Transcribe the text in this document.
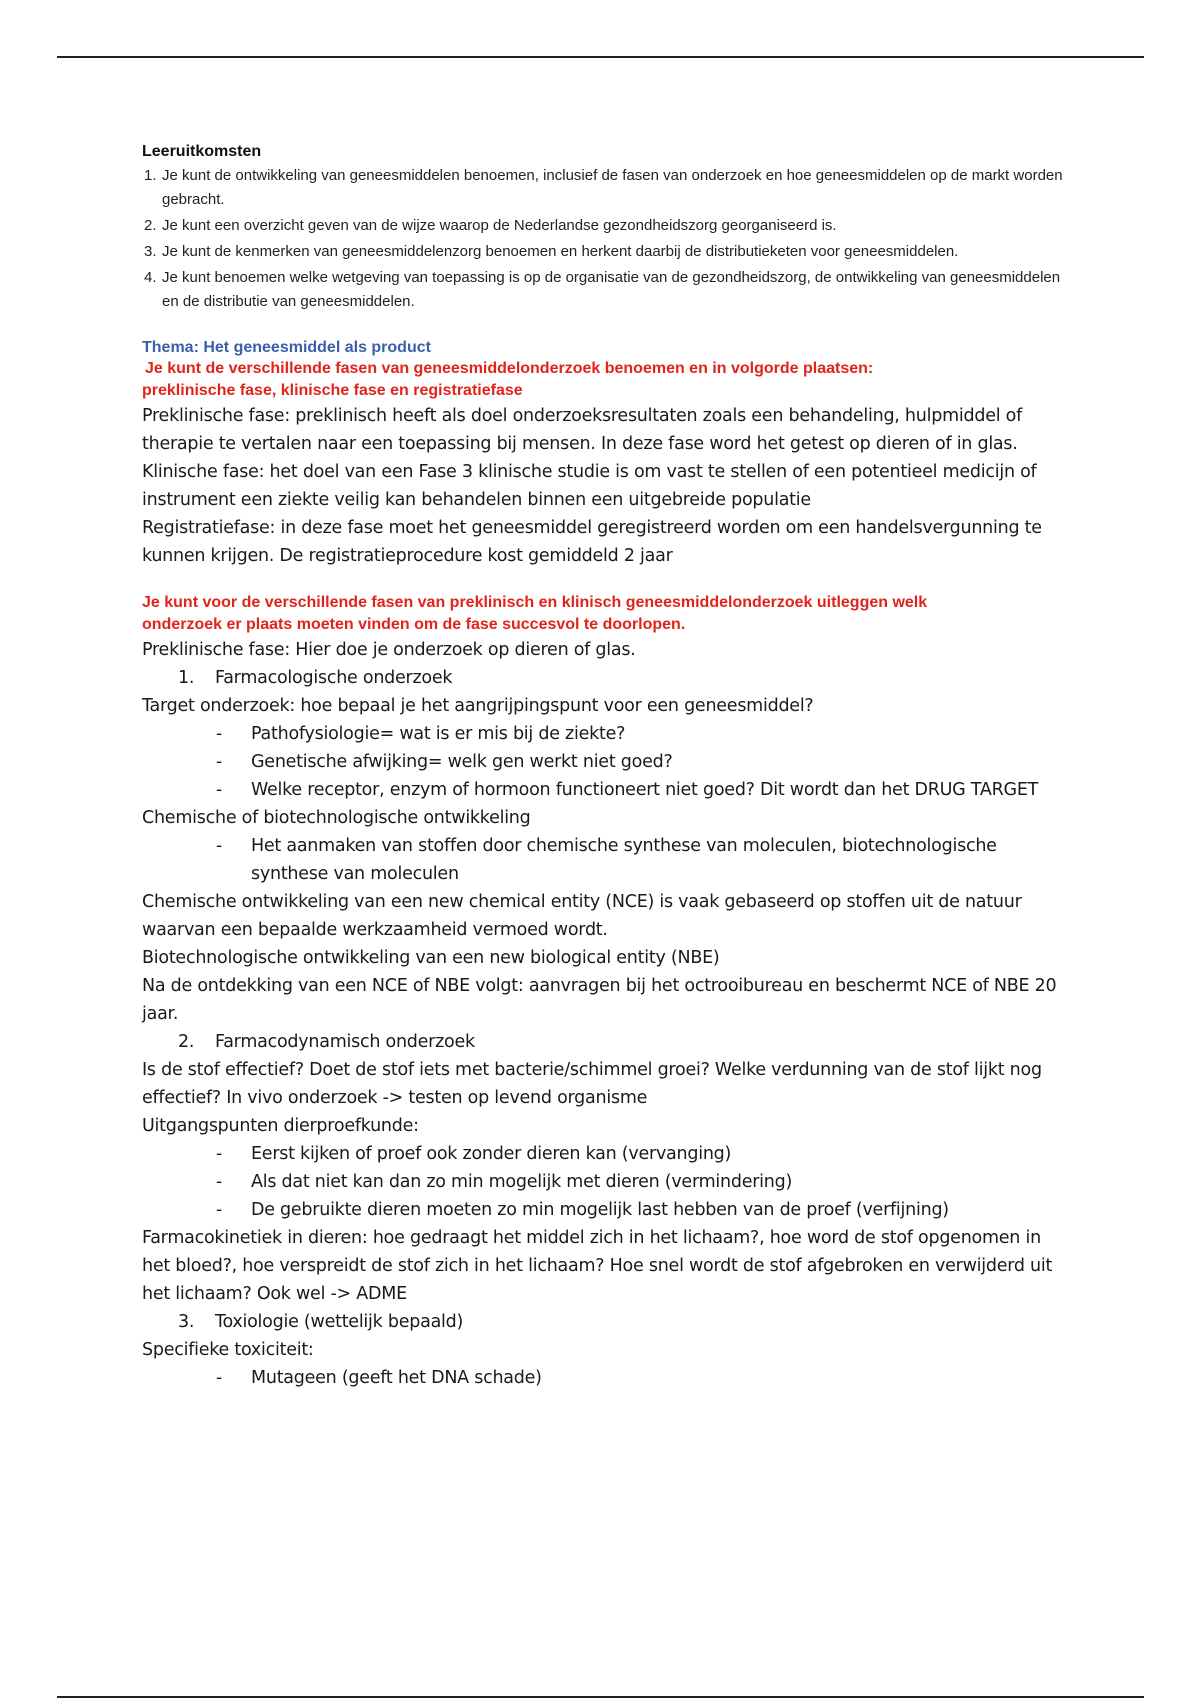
Leeruitkomsten
1. Je kunt de ontwikkeling van geneesmiddelen benoemen, inclusief de fasen van onderzoek en hoe geneesmiddelen op de markt worden gebracht.
2. Je kunt een overzicht geven van de wijze waarop de Nederlandse gezondheidszorg georganiseerd is.
3. Je kunt de kenmerken van geneesmiddelenzorg benoemen en herkent daarbij de distributieketen voor geneesmiddelen.
4. Je kunt benoemen welke wetgeving van toepassing is op de organisatie van de gezondheidszorg, de ontwikkeling van geneesmiddelen en de distributie van geneesmiddelen.
Thema: Het geneesmiddel als product
Je kunt de verschillende fasen van geneesmiddelonderzoek benoemen en in volgorde plaatsen:
preklinische fase, klinische fase en registratiefase

Preklinische fase: preklinisch heeft als doel onderzoeksresultaten zoals een behandeling, hulpmiddel of therapie te vertalen naar een toepassing bij mensen. In deze fase word het getest op dieren of in glas.

Klinische fase: het doel van een Fase 3 klinische studie is om vast te stellen of een potentieel medicijn of instrument een ziekte veilig kan behandelen binnen een uitgebreide populatie

Registratiefase: in deze fase moet het geneesmiddel geregistreerd worden om een handelsvergunning te kunnen krijgen. De registratieprocedure kost gemiddeld 2 jaar

Je kunt voor de verschillende fasen van preklinisch en klinisch geneesmiddelonderzoek uitleggen welk
onderzoek er plaats moeten vinden om de fase succesvol te doorlopen.

Preklinische fase: Hier doe je onderzoek op dieren of glas.

1. Farmacologische onderzoek

Target onderzoek: hoe bepaal je het aangrijpingspunt voor een geneesmiddel?

- Pathofysiologie= wat is er mis bij de ziekte?

- Genetische afwijking= welk gen werkt niet goed?

- Welke receptor, enzym of hormoon functioneert niet goed? Dit wordt dan het DRUG TARGET

Chemische of biotechnologische ontwikkeling

- Het aanmaken van stoffen door chemische synthese van moleculen, biotechnologische synthese van moleculen

Chemische ontwikkeling van een new chemical entity (NCE) is vaak gebaseerd op stoffen uit de natuur waarvan een bepaalde werkzaamheid vermoed wordt.

Biotechnologische ontwikkeling van een new biological entity (NBE)

Na de ontdekking van een NCE of NBE volgt: aanvragen bij het octrooibureau en beschermt NCE of NBE 20 jaar.

2. Farmacodynamisch onderzoek

Is de stof effectief? Doet de stof iets met bacterie/schimmel groei? Welke verdunning van de stof lijkt nog effectief? In vivo onderzoek -> testen op levend organisme

Uitgangspunten dierproefkunde:

- Eerst kijken of proef ook zonder dieren kan (vervanging)

- Als dat niet kan dan zo min mogelijk met dieren (vermindering)

- De gebruikte dieren moeten zo min mogelijk last hebben van de proef (verfijning)

Farmacokinetiek in dieren: hoe gedraagt het middel zich in het lichaam?, hoe word de stof opgenomen in het bloed?, hoe verspreidt de stof zich in het lichaam? Hoe snel wordt de stof afgebroken en verwijderd uit het lichaam? Ook wel -> ADME

3. Toxiologie (wettelijk bepaald)

Specifieke toxiciteit:

- Mutageen (geeft het DNA schade)
